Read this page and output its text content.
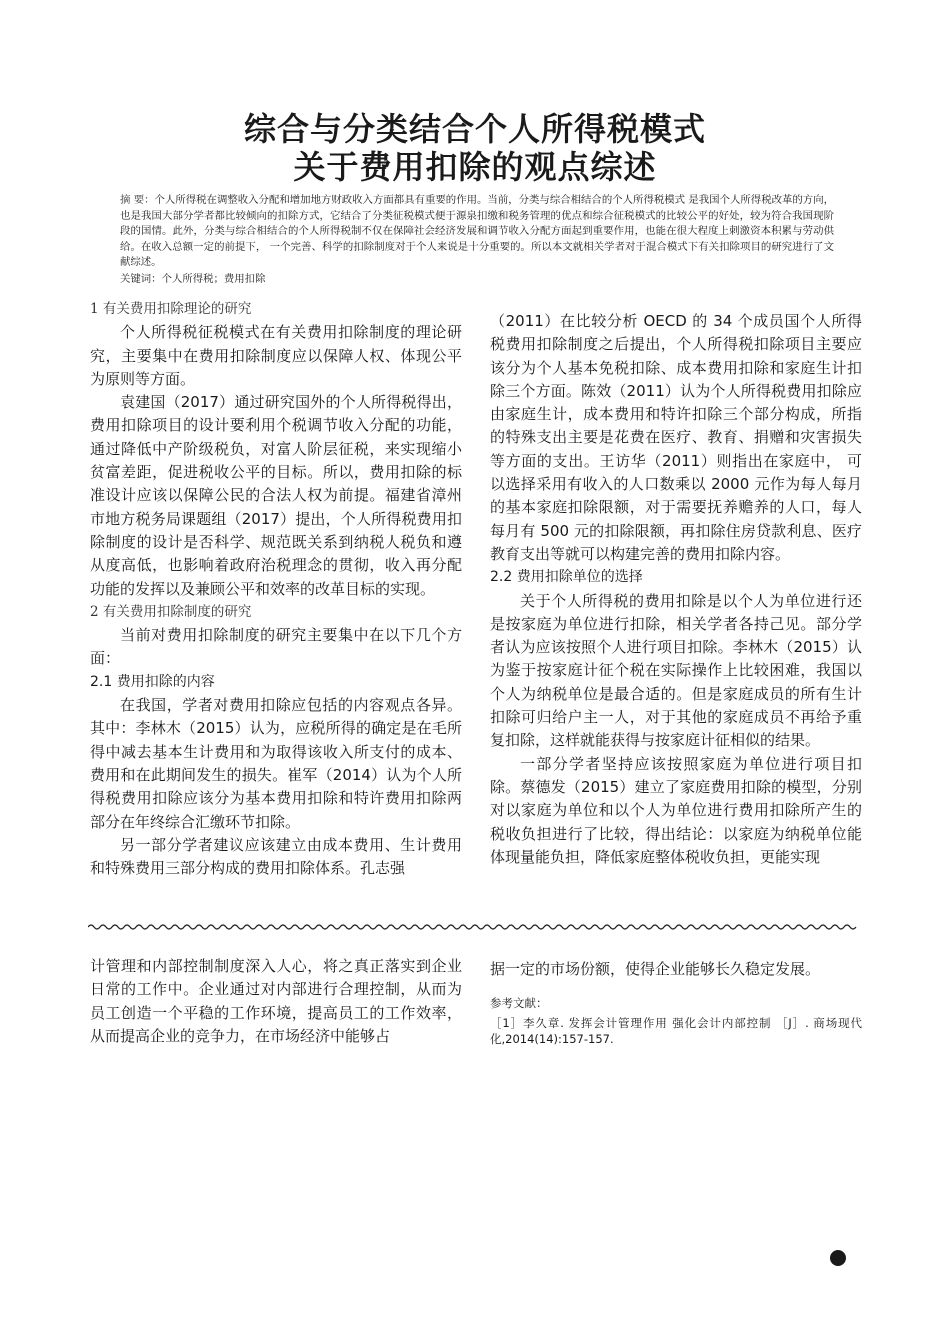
综合与分类结合个人所得税模式
关于费用扣除的观点综述

摘 要：个人所得税在调整收入分配和增加地方财政收入方面都具有重要的作用。当前，分类与综合相结合的个人所得税模式 是我国个人所得税改革的方向，也是我国大部分学者都比较倾向的扣除方式，它结合了分类征税模式便于源泉扣缴和税务管理的优点和综合征税模式的比较公平的好处，较为符合我国现阶段的国情。此外，分类与综合相结合的个人所得税制不仅在保障社会经济发展和调节收入分配方面起到重要作用，也能在很大程度上刺激资本积累与劳动供给。在收入总额一定的前提下， 一个完善、科学的扣除制度对于个人来说是十分重要的。所以本文就相关学者对于混合模式下有关扣除项目的研究进行了文献综述。

关键词：个人所得税；费用扣除

1 有关费用扣除理论的研究

个人所得税征税模式在有关费用扣除制度的理论研究，主要集中在费用扣除制度应以保障人权、体现公平为原则等方面。

袁建国（2017）通过研究国外的个人所得税得出，费用扣除项目的设计要利用个税调节收入分配的功能，通过降低中产阶级税负，对富人阶层征税，来实现缩小贫富差距，促进税收公平的目标。所以，费用扣除的标准设计应该以保障公民的合法人权为前提。福建省漳州市地方税务局课题组（2017）提出，个人所得税费用扣除制度的设计是否科学、规范既关系到纳税人税负和遵从度高低，也影响着政府治税理念的贯彻，收入再分配功能的发挥以及兼顾公平和效率的改革目标的实现。

2 有关费用扣除制度的研究

当前对费用扣除制度的研究主要集中在以下几个方面：

2.1 费用扣除的内容

在我国，学者对费用扣除应包括的内容观点各异。其中：李林木（2015）认为，应税所得的确定是在毛所得中减去基本生计费用和为取得该收入所支付的成本、费用和在此期间发生的损失。崔军（2014）认为个人所得税费用扣除应该分为基本费用扣除和特许费用扣除两部分在年终综合汇缴环节扣除。

另一部分学者建议应该建立由成本费用、生计费用和特殊费用三部分构成的费用扣除体系。孔志强

（2011）在比较分析 OECD 的 34 个成员国个人所得税费用扣除制度之后提出，个人所得税扣除项目主要应该分为个人基本免税扣除、成本费用扣除和家庭生计扣除三个方面。陈效（2011）认为个人所得税费用扣除应由家庭生计，成本费用和特许扣除三个部分构成，所指的特殊支出主要是花费在医疗、教育、捐赠和灾害损失等方面的支出。王访华（2011）则指出在家庭中， 可以选择采用有收入的人口数乘以 2000 元作为每人每月的基本家庭扣除限额，对于需要抚养赡养的人口，每人每月有 500 元的扣除限额，再扣除住房贷款利息、医疗教育支出等就可以构建完善的费用扣除内容。

2.2 费用扣除单位的选择

关于个人所得税的费用扣除是以个人为单位进行还是按家庭为单位进行扣除，相关学者各持己见。部分学者认为应该按照个人进行项目扣除。李林木（2015）认为鉴于按家庭计征个税在实际操作上比较困难，我国以个人为纳税单位是最合适的。但是家庭成员的所有生计扣除可归给户主一人，对于其他的家庭成员不再给予重复扣除，这样就能获得与按家庭计征相似的结果。

一部分学者坚持应该按照家庭为单位进行项目扣除。蔡德发（2015）建立了家庭费用扣除的模型，分别对以家庭为单位和以个人为单位进行费用扣除所产生的税收负担进行了比较，得出结论：以家庭为纳税单位能体现量能负担，降低家庭整体税收负担，更能实现

计管理和内部控制制度深入人心，将之真正落实到企业日常的工作中。企业通过对内部进行合理控制，从而为员工创造一个平稳的工作环境，提高员工的工作效率，从而提高企业的竞争力，在市场经济中能够占

据一定的市场份额，使得企业能够长久稳定发展。

参考文献：

［1］李久章. 发挥会计管理作用 强化会计内部控制 ［J］. 商场现代化,2014(14):157-157.
